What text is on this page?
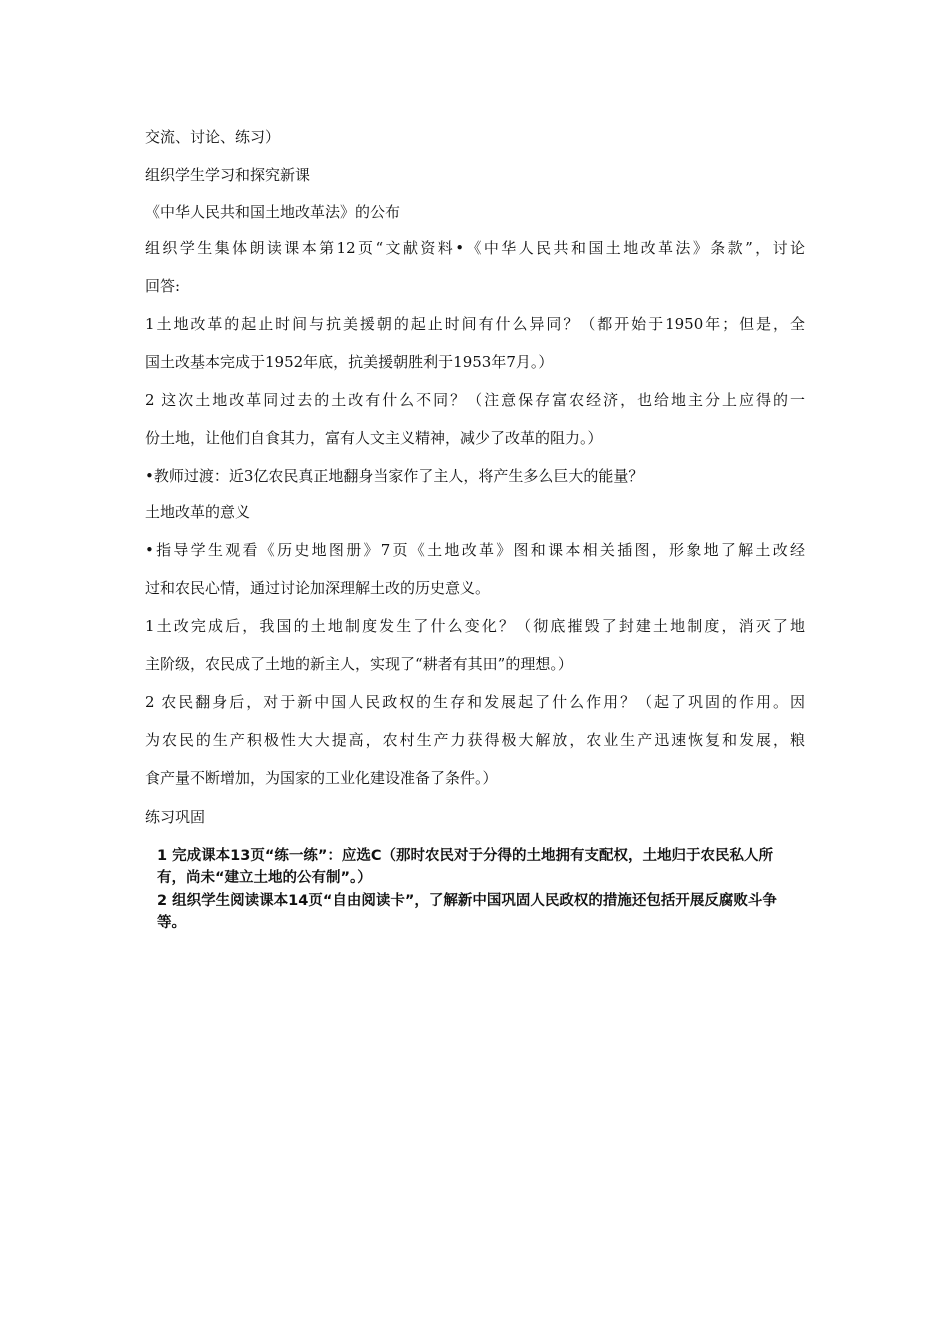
交流、讨论、练习）
组织学生学习和探究新课
《中华人民共和国土地改革法》的公布
组织学生集体朗读课本第12页“文献资料•《中华人民共和国土地改革法》条款”，讨论
回答:
1土地改革的起止时间与抗美援朝的起止时间有什么异同？（都开始于1950年；但是，全
国土改基本完成于1952年底，抗美援朝胜利于1953年7月。）
2 这次土地改革同过去的土改有什么不同？（注意保存富农经济，也给地主分上应得的一
份土地，让他们自食其力，富有人文主义精神，减少了改革的阻力。）
•教师过渡：近3亿农民真正地翻身当家作了主人，将产生多么巨大的能量？
土地改革的意义
•指导学生观看《历史地图册》7页《土地改革》图和课本相关插图，形象地了解土改经
过和农民心情，通过讨论加深理解土改的历史意义。
1土改完成后，我国的土地制度发生了什么变化？（彻底摧毁了封建土地制度，消灭了地
主阶级，农民成了土地的新主人，实现了“耕者有其田”的理想。）
2 农民翻身后，对于新中国人民政权的生存和发展起了什么作用？（起了巩固的作用。因
为农民的生产积极性大大提高，农村生产力获得极大解放，农业生产迅速恢复和发展，粮
食产量不断增加，为国家的工业化建设准备了条件。）
练习巩固
1 完成课本13页“练一练”：应选C（那时农民对于分得的土地拥有支配权，土地归于农民私人所有，尚未“建立土地的公有制”。）
2 组织学生阅读课本14页“自由阅读卡”，了解新中国巩固人民政权的措施还包括开展反腐败斗争等。
